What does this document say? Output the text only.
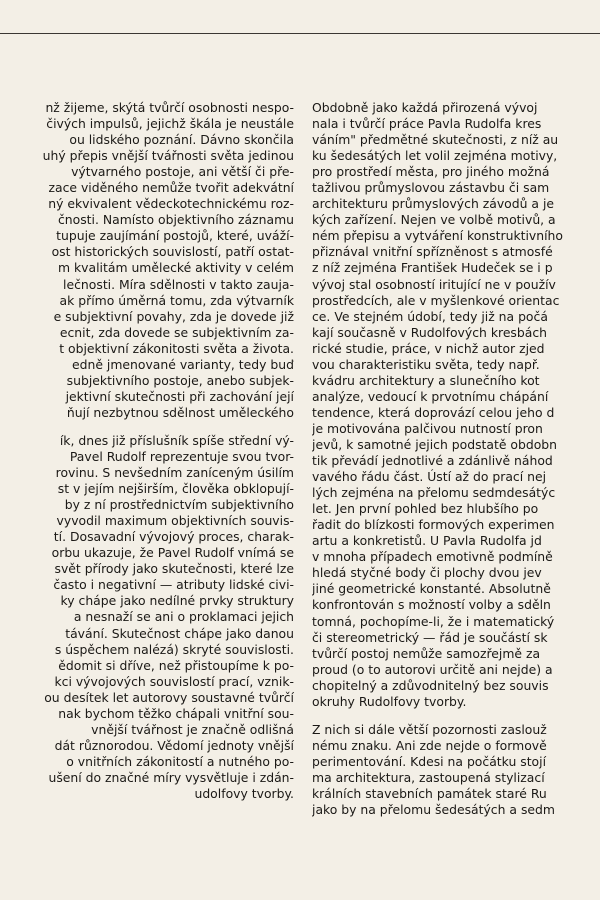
nž žijeme, skýtá tvůrčí osobnosti nespo-
čivých impulsů, jejichž škála je neustále
ou lidského poznání. Dávno skončila
uhý přepis vnější tvářnosti světa jedinou
výtvarného postoje, ani větší či pře-
zace viděného nemůže tvořit adekvátní
ný ekvivalent vědeckotechnickému roz-
čnosti. Namísto objektivního záznamu
tupuje zaujímání postojů, které, uváží-
ost historických souvislostí, patří ostat-
m kvalitám umělecké aktivity v celém
lečnosti. Míra sdělnosti v takto zauja-
ak přímo úměrná tomu, zda výtvarník
e subjektivní povahy, zda je dovede již
ecnit, zda dovede se subjektivním za-
t objektivní zákonitosti světa a života.
edně jmenované varianty, tedy buď
subjektivního postoje, anebo subjek-
jektivní skutečnosti při zachování její
ňují nezbytnou sdělnost uměleckého
ík, dnes již příslušník spíše střední vý-
Pavel Rudolf reprezentuje svou tvor-
rovinu. S nevšedním zaníceným úsilím
st v jejím nejširším, člověka obklopují-
by z ní prostřednictvím subjektivního
vyvodil maximum objektivních souvis-
tí. Dosavadní vývojový proces, charak-
orbu ukazuje, že Pavel Rudolf vnímá se
svět přírody jako skutečnosti, které lze
často i negativní — atributy lidské civi-
ky chápe jako nedílné prvky struktury
a nesnaží se ani o proklamaci jejich
távání. Skutečnost chápe jako danou
s úspěchem nalézá) skryté souvislosti.
ědomit si dříve, než přistoupíme k po-
kci vývojových souvislostí prací, vznik-
ou desítek let autorovy soustavné tvůrčí
nak bychom těžko chápali vnitřní sou-
vnější tvářnost je značně odlišná
dát různorodou. Vědomí jednoty vnější
o vnitřních zákonitostí a nutného po-
ušení do značné míry vysvětluje i zdán-
udolfovy tvorby.
Obdobně jako každá přirozená vývoj
nala i tvůrčí práce Pavla Rudolfa kres
váním" předmětné skutečnosti, z níž au
ku šedesátých let volil zejména motivy,
pro prostředí města, pro jiného možná
tažlivou průmyslovou zástavbu či sam
architekturu průmyslových závodů a je
kých zařízení. Nejen ve volbě motivů, a
ném přepisu a vytváření konstruktivního
přiznával vnitřní spřízněnost s atmosfé
z níž zejména František Hudeček se i p
vývoj stal osobností iritující ne v použív
prostředcích, ale v myšlenkové orientac
ce. Ve stejném údobí, tedy již na počá
kají současně v Rudolfových kresbách
rické studie, práce, v nichž autor zjed
vou charakteristiku světa, tedy např.
kvádru architektury a slunečního kot
analýze, vedoucí k prvotnímu chápání
tendence, která doprovází celou jeho d
je motivována palčivou nutností pron
jevů, k samotné jejich podstatě obdobn
tik převádí jednotlivé a zdánlivě náhod
vavého řádu část. Ústí až do prací nej
lých zejména na přelomu sedmdesátýc
let. Jen první pohled bez hlubšího po
řadit do blízkosti formových experimen
artu a konkretistů. U Pavla Rudolfa jd
v mnoha případech emotivně podmíně
hledá styčné body či plochy dvou jev
jiné geometrické konstanté. Absolutně
konfrontován s možností volby a sděln
tomná, pochopíme-li, že i matematický
či stereometrický — řád je součástí sk
tvůrčí postoj nemůže samozřejmě za
proud (o to autorovi určitě ani nejde) a
chopitelný a zdůvodnitelný bez souvis
okruhy Rudolfovy tvorby.
Z nich si dále větší pozornosti zaslouž
nému znaku. Ani zde nejde o formově
perimentování. Kdesi na počátku stojí
ma architektura, zastoupená stylizací
králních stavebních památek staré Ru
jako by na přelomu šedesátých a sedm
